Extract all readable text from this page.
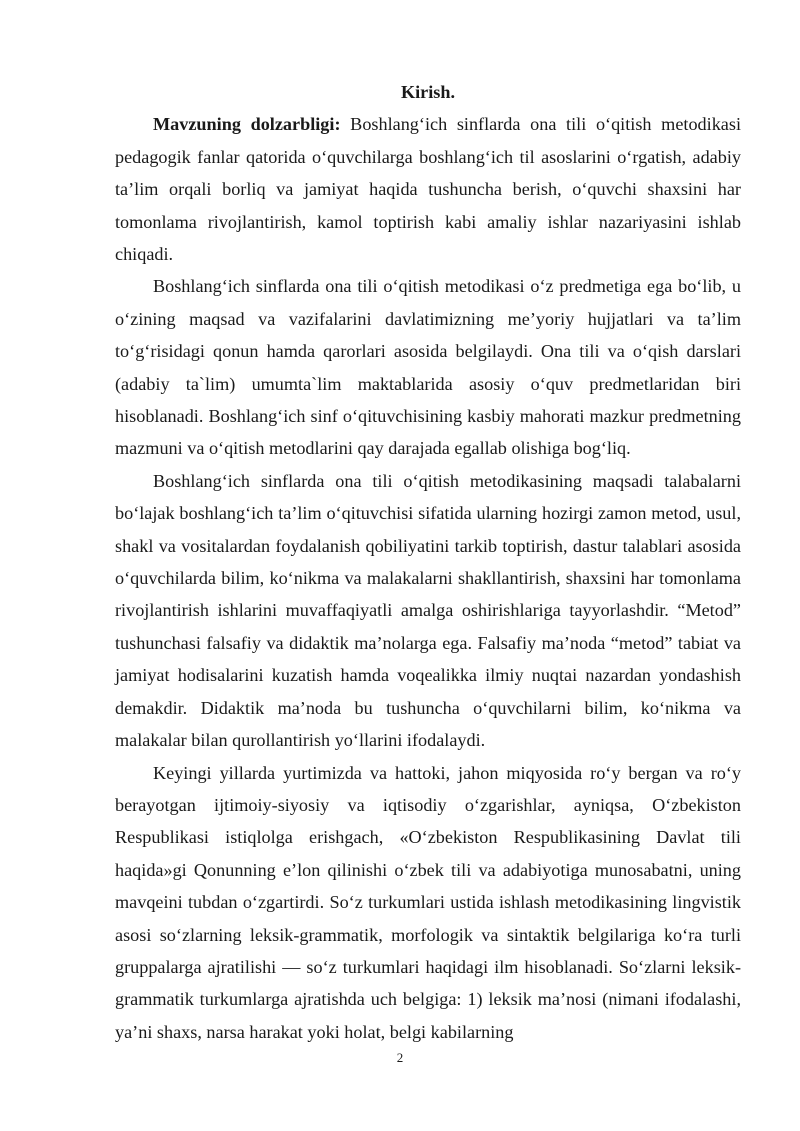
Kirish.

Mavzuning dolzarbligi: Boshlang‘ich sinflarda ona tili o‘qitish metodikasi pedagogik fanlar qatorida o‘quvchilarga boshlang‘ich til asoslarini o‘rgatish, adabiy ta’lim orqali borliq va jamiyat haqida tushuncha berish, o‘quvchi shaxsini har tomonlama rivojlantirish, kamol toptirish kabi amaliy ishlar nazariyasini ishlab chiqadi.

Boshlang‘ich sinflarda ona tili o‘qitish metodikasi o‘z predmetiga ega bo‘lib, u o‘zining maqsad va vazifalarini davlatimizning me’yoriy hujjatlari va ta’lim to‘g‘risidagi qonun hamda qarorlari asosida belgilaydi. Ona tili va o‘qish darslari (adabiy ta`lim) umumta`lim maktablarida asosiy o‘quv predmetlaridan biri hisoblanadi. Boshlang‘ich sinf o‘qituvchisining kasbiy mahorati mazkur predmetning mazmuni va o‘qitish metodlarini qay darajada egallab olishiga bog‘liq.

Boshlang‘ich sinflarda ona tili o‘qitish metodikasining maqsadi talabalarni bo‘lajak boshlang‘ich ta’lim o‘qituvchisi sifatida ularning hozirgi zamon metod, usul, shakl va vositalardan foydalanish qobiliyatini tarkib toptirish, dastur talablari asosida o‘quvchilarda bilim, ko‘nikma va malakalarni shakllantirish, shaxsini har tomonlama rivojlantirish ishlarini muvaffaqiyatli amalga oshirishlariga tayyorlashdir. “Metod” tushunchasi falsafiy va didaktik ma’nolarga ega. Falsafiy ma’noda “metod” tabiat va jamiyat hodisalarini kuzatish hamda voqealikka ilmiy nuqtai nazardan yondashish demakdir. Didaktik ma’noda bu tushuncha o‘quvchilarni bilim, ko‘nikma va malakalar bilan qurollantirish yo‘llarini ifodalaydi.

Keyingi yillarda yurtimizda va hattoki, jahon miqyosida ro‘y bergan va ro‘y berayotgan ijtimoiy-siyosiy va iqtisodiy o‘zgarishlar, ayniqsa, O‘zbekiston Respublikasi istiqlolga erishgach, «O‘zbekiston Respublikasining Davlat tili haqida»gi Qonunning e’lon qilinishi o‘zbek tili va adabiyotiga munosabatni, uning mavqeini tubdan o‘zgartirdi. So‘z turkumlari ustida ishlash metodikasining lingvistik asosi so‘zlarning leksik-grammatik, morfologik va sintaktik belgilariga ko‘ra turli gruppalarga ajratilishi — so‘z turkumlari haqidagi ilm hisoblanadi. So‘zlarni leksik-grammatik turkumlarga ajratishda uch belgiga: 1) leksik ma’nosi (nimani ifodalashi, ya’ni shaxs, narsa harakat yoki holat, belgi kabilarning

2
